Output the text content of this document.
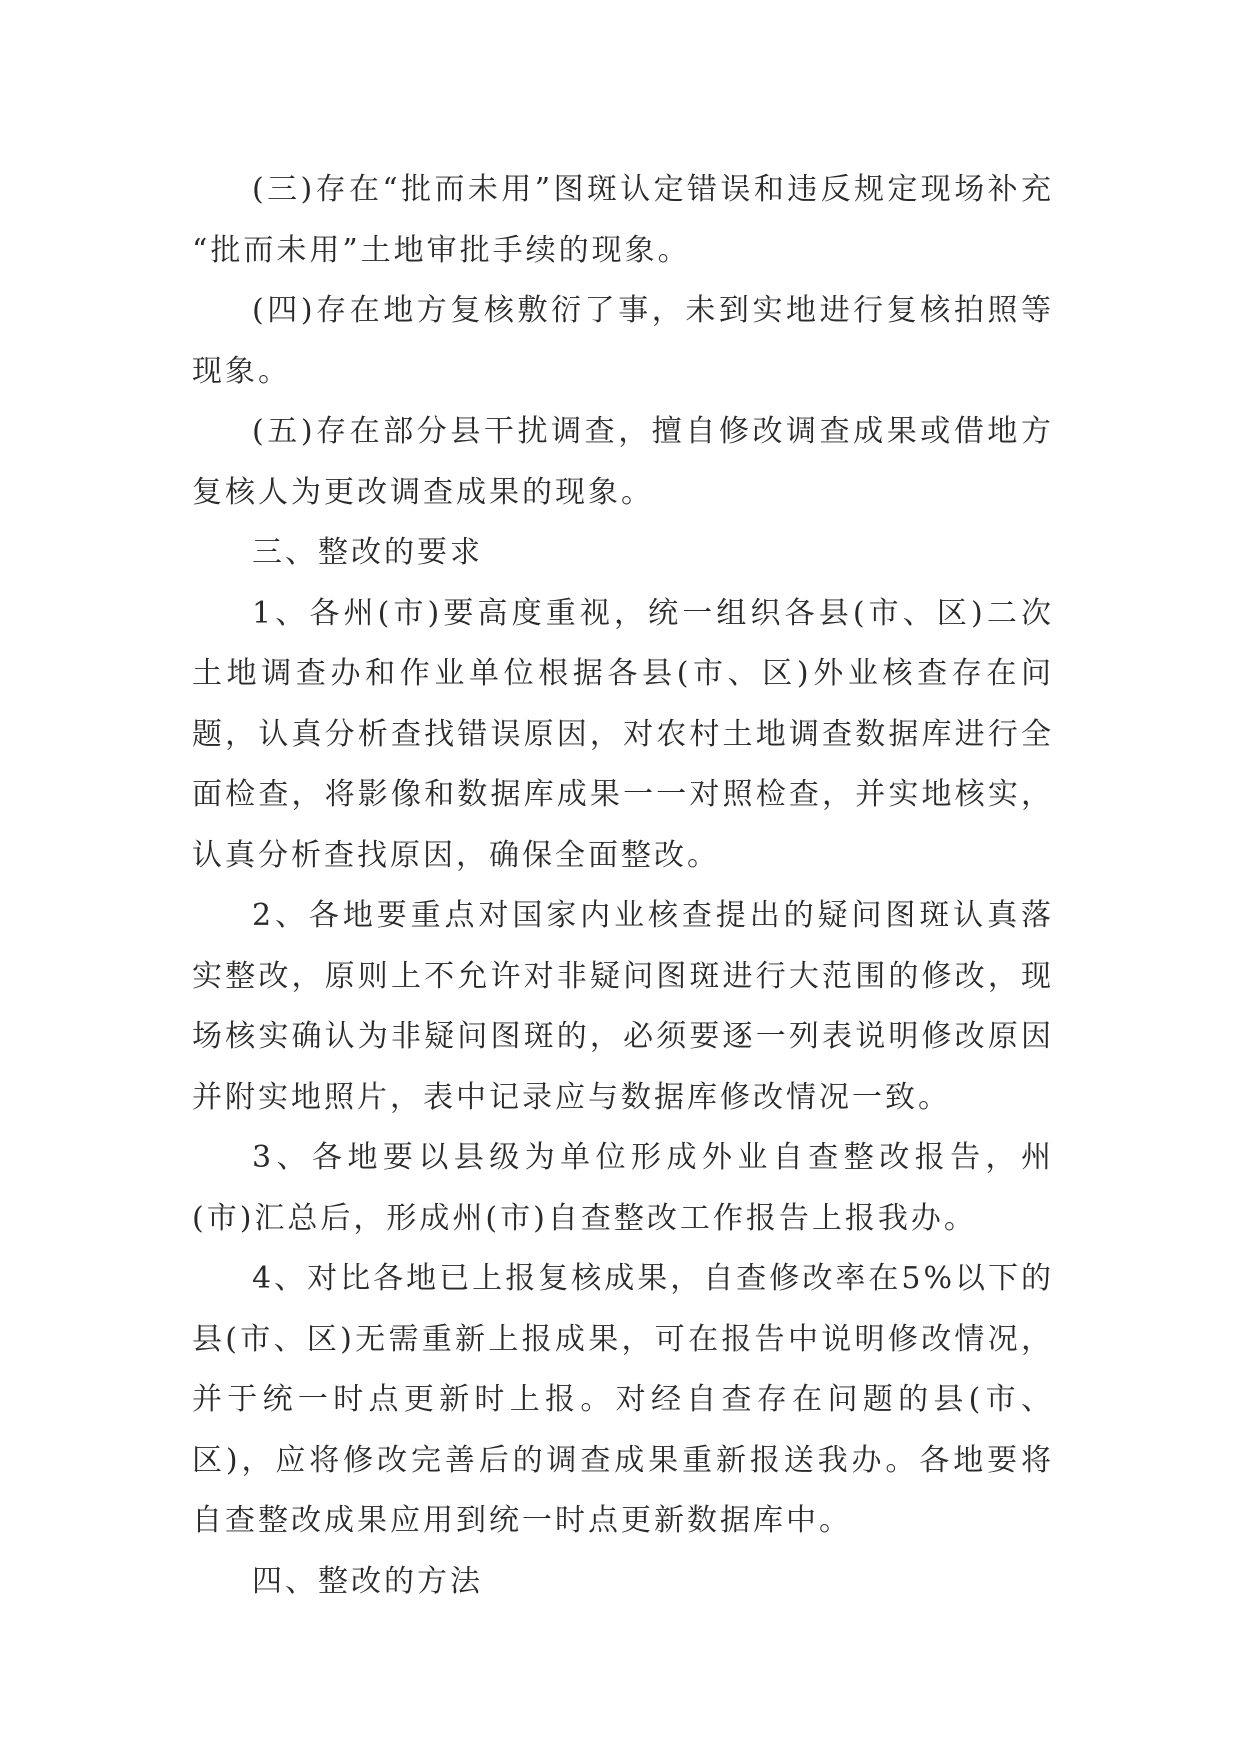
(三)存在“批而未用”图斑认定错误和违反规定现场补充 “批而未用”土地审批手续的现象。

(四)存在地方复核敷衍了事，未到实地进行复核拍照等现象。

(五)存在部分县干扰调查，擅自修改调查成果或借地方复核人为更改调查成果的现象。

三、整改的要求

1、各州(市)要高度重视，统一组织各县(市、区)二次土地调查办和作业单位根据各县(市、区)外业核查存在问题，认真分析查找错误原因，对农村土地调查数据库进行全面检查，将影像和数据库成果一一对照检查，并实地核实，认真分析查找原因，确保全面整改。

2、各地要重点对国家内业核查提出的疑问图斑认真落实整改，原则上不允许对非疑问图斑进行大范围的修改，现场核实确认为非疑问图斑的，必须要逐一列表说明修改原因并附实地照片，表中记录应与数据库修改情况一致。

3、各地要以县级为单位形成外业自查整改报告，州(市)汇总后，形成州(市)自查整改工作报告上报我办。

4、对比各地已上报复核成果，自查修改率在5%以下的县(市、区)无需重新上报成果，可在报告中说明修改情况，并于统一时点更新时上报。对经自查存在问题的县(市、区)，应将修改完善后的调查成果重新报送我办。各地要将自查整改成果应用到统一时点更新数据库中。

四、整改的方法
